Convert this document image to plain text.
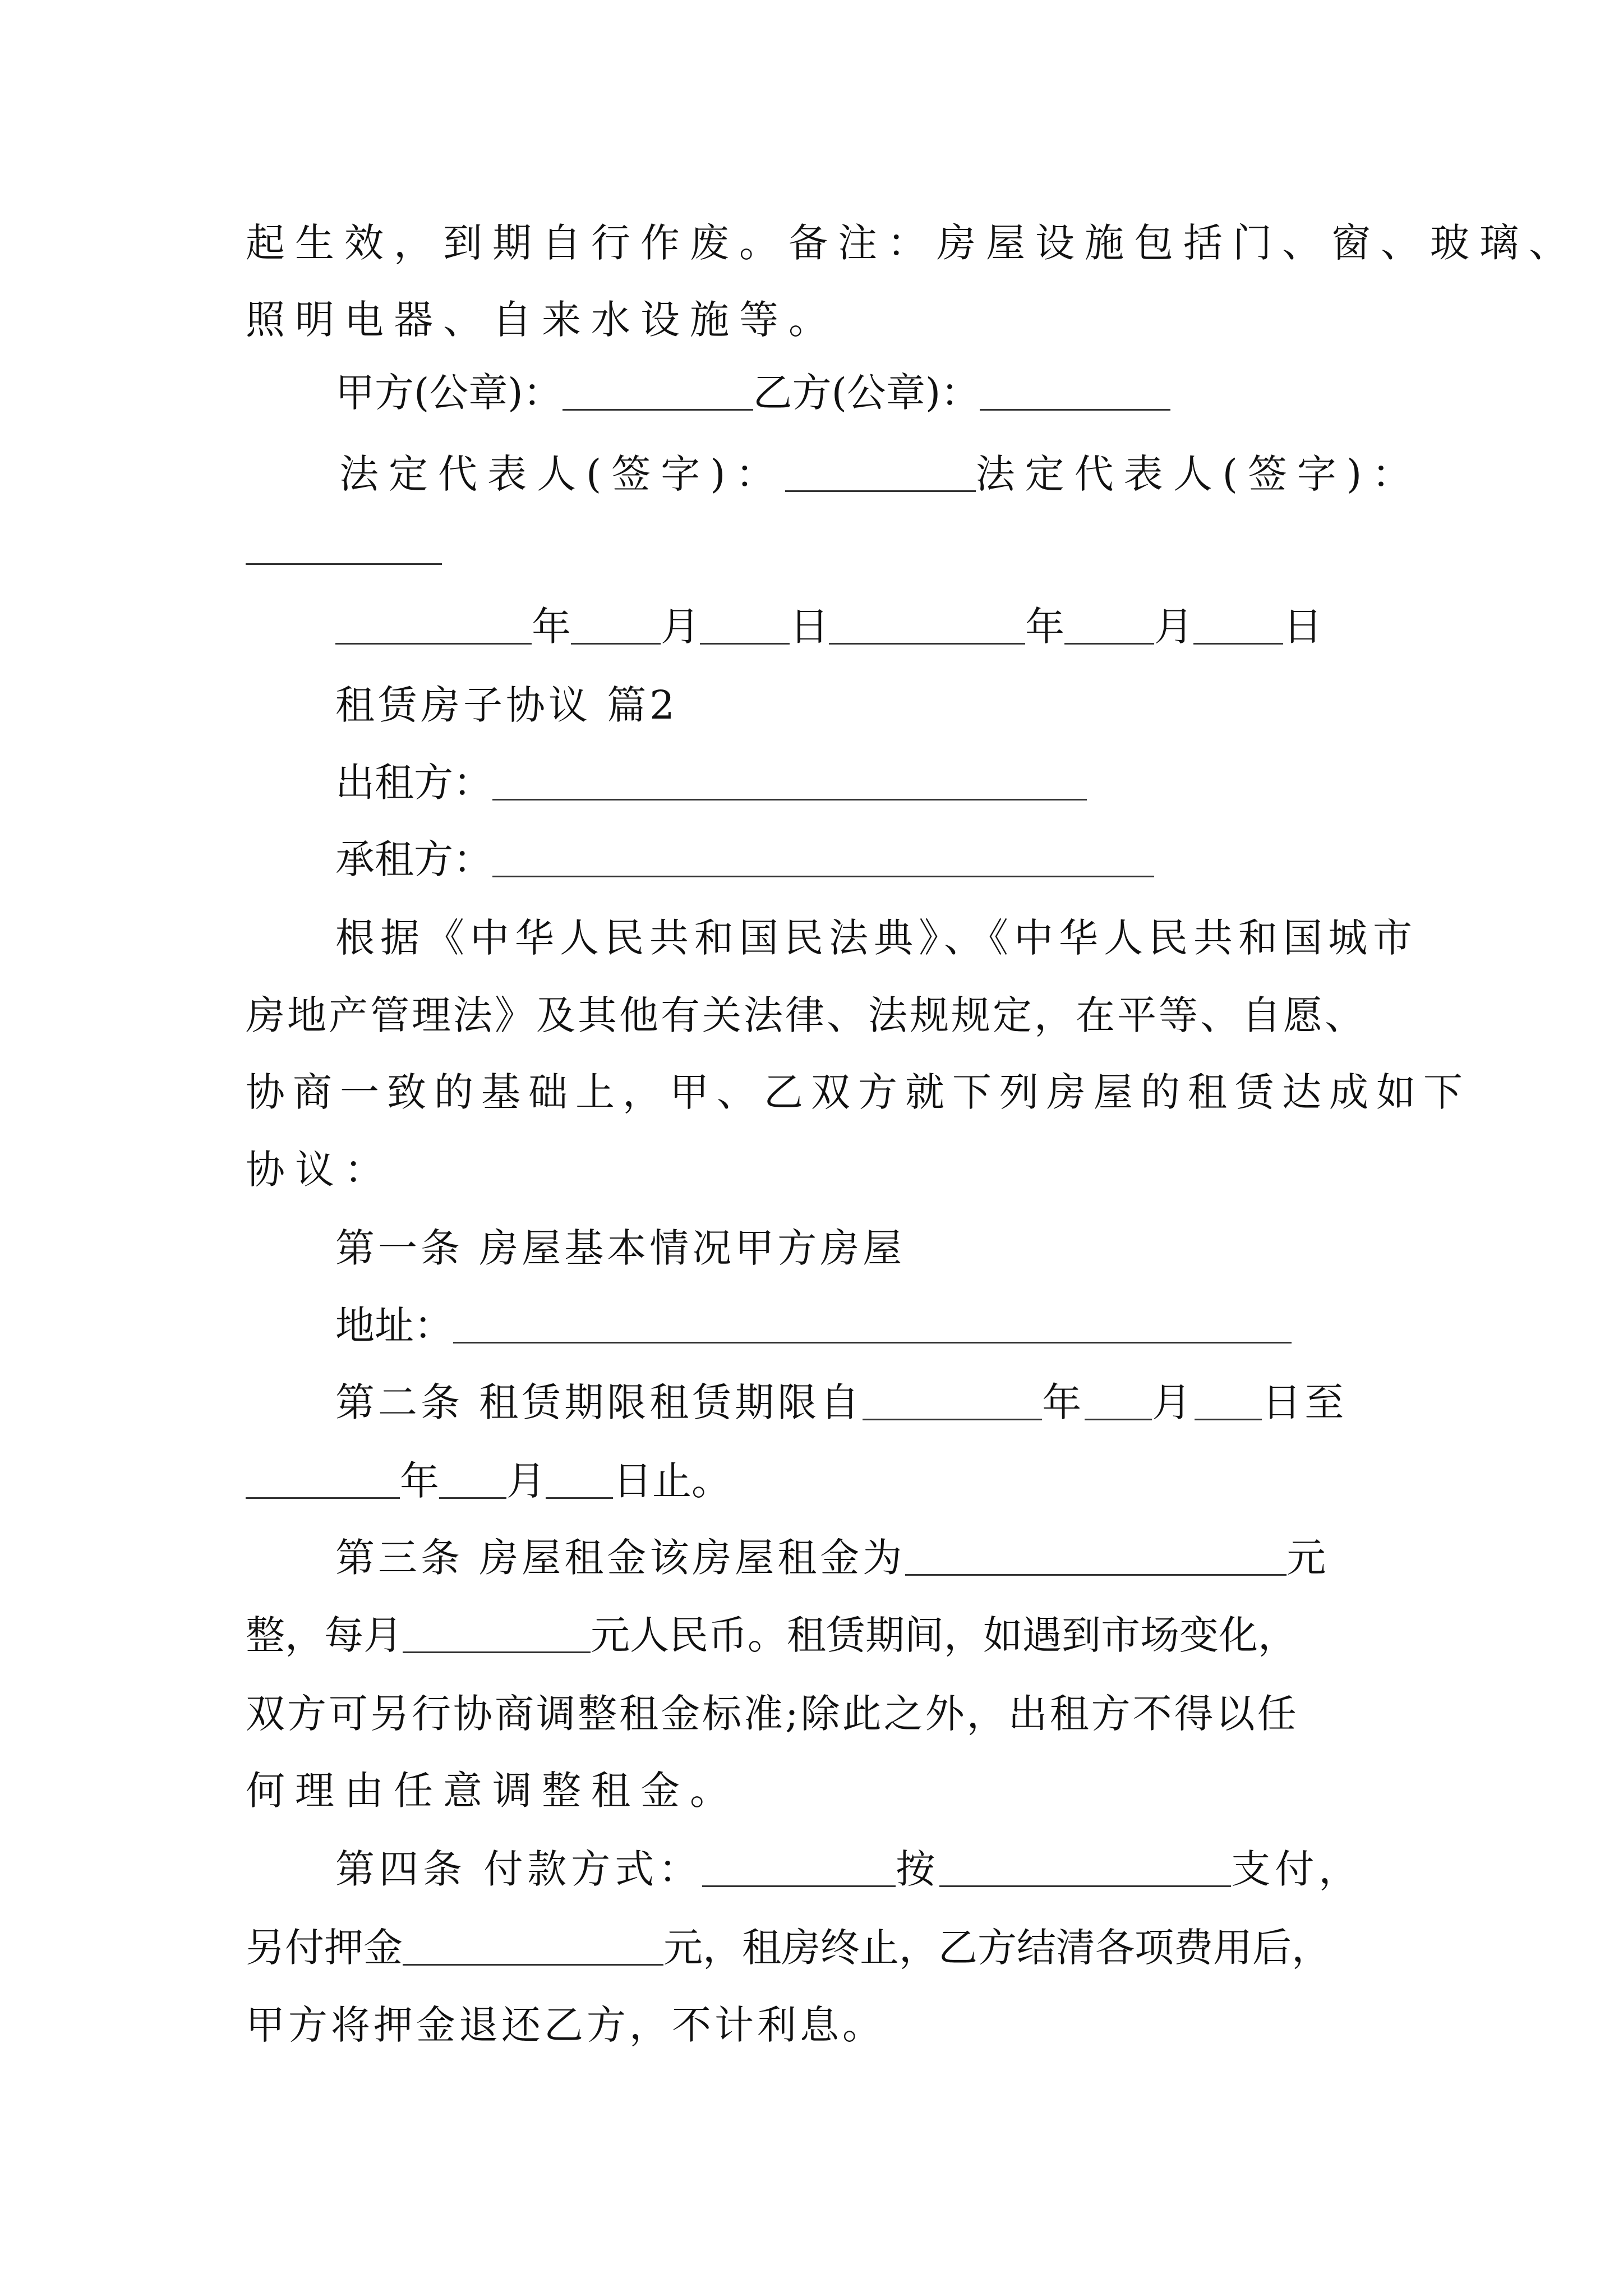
起生效，到期自行作废。备注：房屋设施包括门、窗、玻璃、
照明电器、自来水设施等。
甲方(公章)：	乙方(公章)：
法定代表人(签字)：	法定代表人(签字)：
年 月 日	年 月 日
租赁房子协议 篇2
出租方：
承租方：
根据《中华人民共和国民法典》、《中华人民共和国城市
房地产管理法》及其他有关法律、法规规定，在平等、自愿、
协商一致的基础上，甲、乙双方就下列房屋的租赁达成如下
协议：
第一条 房屋基本情况甲方房屋
地址：
第二条 租赁期限租赁期限自	年 月 日至
年 月 日止。
第三条 房屋租金该房屋租金为	元
整，每月	元人民币。租赁期间，如遇到市场变化，
双方可另行协商调整租金标准;除此之外，出租方不得以任
何理由任意调整租金。
第四条 付款方式：	按	支付，
另付押金	元，租房终止，乙方结清各项费用后，
甲方将押金退还乙方，不计利息。
